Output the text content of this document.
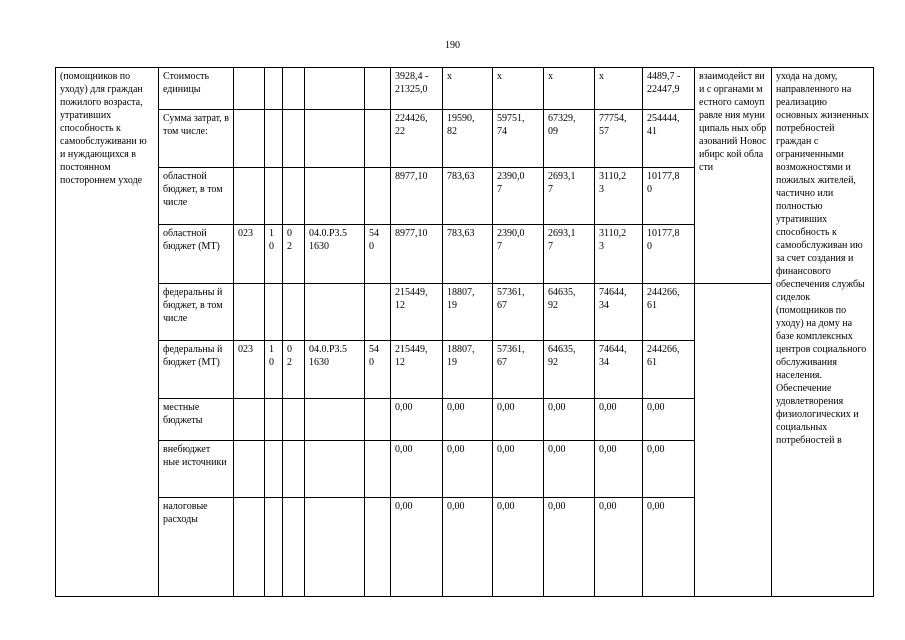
190
(помощников по уходу) для граждан пожилого возраста, утративших способность к самообслуживани ю и нуждающихся в постоянном постороннем уходе	Стоимость единицы						3928,4 -
21325,0	x	x	x	x	4489,7 -
22447,9	взаимодейст вии с органами местного самоуправле ния муниципаль ных образований Новосибирс кой области	ухода на дому, направленного на реализацию основных жизненных потребностей граждан с ограниченными возможностями и пожилых жителей, частично или полностью утративших способность к самообслуживан ию за счет создания и финансового обеспечения службы сиделок (помощников по уходу) на дому на базе комплексных центров социального обслуживания населения. Обеспечение удовлетворения физиологических и социальных потребностей в
	Сумма затрат, в том числе:						224426,
22	19590,
82	59751,
74	67329,
09	77754,
57	254444,
41		
	областной бюджет, в том числе						8977,10	783,63	2390,0
7	2693,1
7	3110,2
3	10177,8
0		
	областной бюджет (МТ)	023	1
0	0
2	04.0.Р3.5
1630	54
0	8977,10	783,63	2390,0
7	2693,1
7	3110,2
3	10177,8
0		
	федеральны й бюджет, в том числе						215449,
12	18807,
19	57361,
67	64635,
92	74644,
34	244266,
61		
	федеральны й бюджет (МТ)	023	1
0	0
2	04.0.Р3.5
1630	54
0	215449,
12	18807,
19	57361,
67	64635,
92	74644,
34	244266,
61		
	местные бюджеты						0,00	0,00	0,00	0,00	0,00	0,00		
	внебюджет ные источники						0,00	0,00	0,00	0,00	0,00	0,00		
	налоговые расходы						0,00	0,00	0,00	0,00	0,00	0,00		
